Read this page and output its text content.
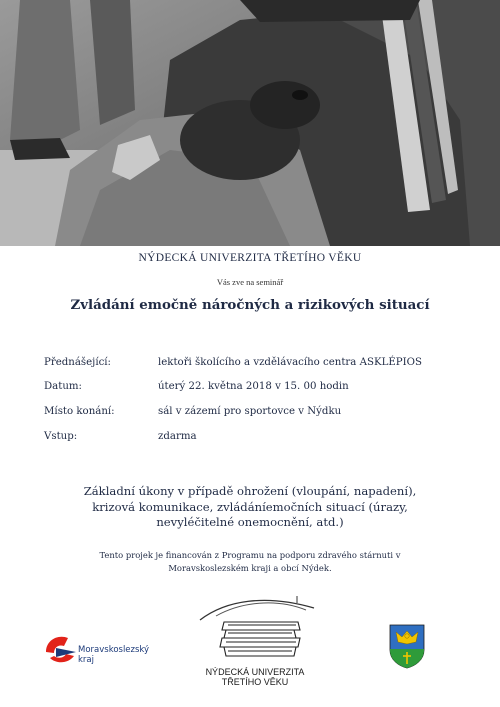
NÝDECKÁ UNIVERZITA TŘETÍHO VĚKU
Vás zve na seminář
Zvládání emočně náročných a rizikových situací
Přednášející:	lektoři školícího a vzdělávacího centra ASKLÉPIOS
Datum:	úterý 22. května 2018 v 15. 00 hodin
Místo konání:	sál v zázemí pro sportovce v Nýdku
Vstup:	zdarma
Základní úkony v případě ohrožení (vloupání, napadení),
krizová komunikace, zvládáníemočních situací (úrazy,
nevyléčitelné onemocnění, atd.)
Tento projek je financován z Programu na podporu zdravého stárnuti v
Moravskoslezském kraji a obcí Nýdek.
Moravskoslezský
kraj
NÝDECKÁ UNIVERZITA
TŘETÍHO VĚKU
